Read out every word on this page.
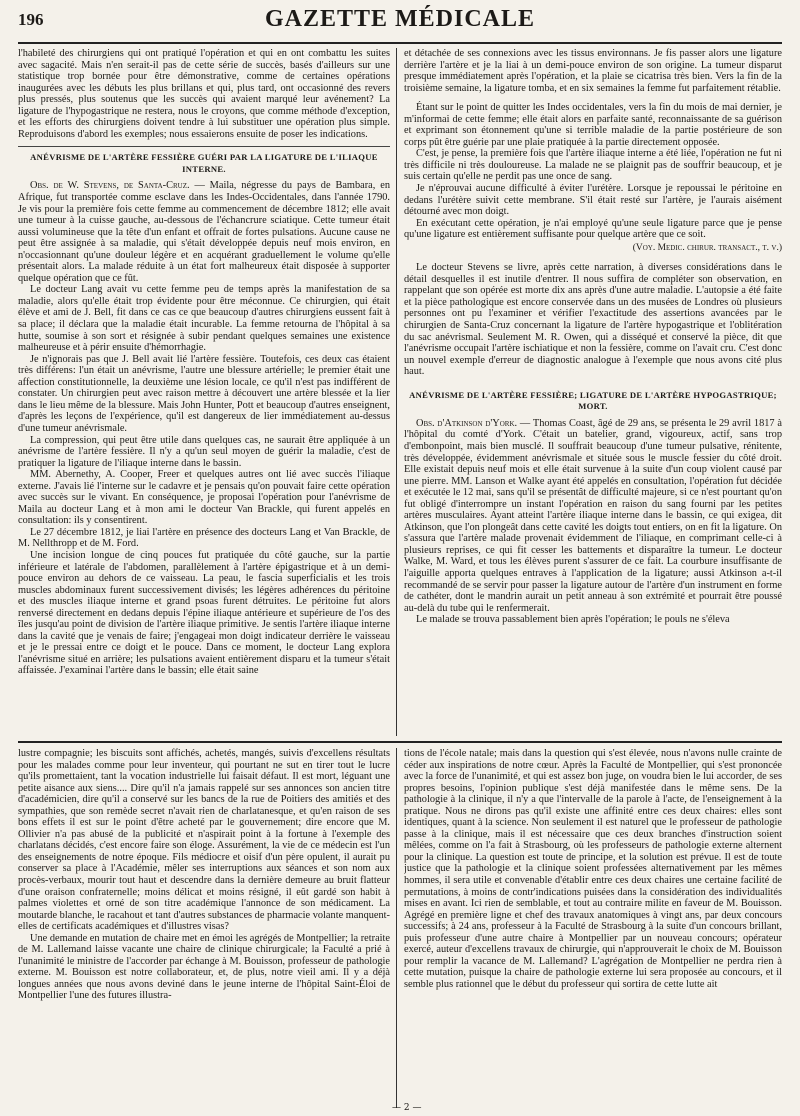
196	GAZETTE MÉDICALE

l'habileté des chirurgiens qui ont pratiqué l'opération et qui en ont combattu les suites avec sagacité. Mais n'en serait-il pas de cette série de succès, basés d'ailleurs sur une statistique trop bornée pour être démonstrative, comme de certaines opérations inaugurées avec les débuts les plus brillans et qui, plus tard, ont occasionné des revers plus pressés, plus soutenus que les succès qui avaient marqué leur avénement? La ligature de l'hypogastrique ne restera, nous le croyons, que comme méthode d'exception, et les efforts des chirurgiens doivent tendre à lui substituer une opération plus simple. Reproduisons d'abord les exemples; nous essaierons ensuite de poser les indications.

ANÉVRISME DE L'ARTÈRE FESSIÈRE GUÉRI PAR LA LIGATURE DE L'ILIAQUE INTERNE.

Obs. de W. Stevens, de Santa-Cruz. — Maila, négresse du pays de Bambara, en Afrique, fut transportée comme esclave dans les Indes-Occidentales, dans l'année 1790. Je vis pour la première fois cette femme au commencement de décembre 1812; elle avait une tumeur à la cuisse gauche, au-dessous de l'échancrure sciatique. Cette tumeur était aussi volumineuse que la tête d'un enfant et offrait de fortes pulsations. Aucune cause ne peut être assignée à sa maladie, qui s'était développée depuis neuf mois environ, en n'occasionnant qu'une douleur légère et en acquérant graduellement le volume qu'elle présentait alors. La malade réduite à un état fort malheureux était disposée à supporter quelque opération que ce fût.

Le docteur Lang avait vu cette femme peu de temps après la manifestation de sa maladie, alors qu'elle était trop évidente pour être méconnue. Ce chirurgien, qui était élève et ami de J. Bell, fit dans ce cas ce que beaucoup d'autres chirurgiens eussent fait à sa place; il déclara que la maladie était incurable. La femme retourna de l'hôpital à sa hutte, soumise à son sort et résignée à subir pendant quelques semaines une existence malheureuse et à périr ensuite d'hémorrhagie.

Je n'ignorais pas que J. Bell avait lié l'artère fessière. Toutefois, ces deux cas étaient très différens: l'un était un anévrisme, l'autre une blessure artérielle; le premier était une affection constitutionnelle, la deuxième une lésion locale, ce qu'il n'est pas indifférent de constater. Un chirurgien peut avec raison mettre à découvert une artère blessée et la lier dans le lieu même de la blessure. Mais John Hunter, Pott et beaucoup d'autres enseignent, d'après les leçons de l'expérience, qu'il est dangereux de lier immédiatement au-dessus d'une tumeur anévrismale.

La compression, qui peut être utile dans quelques cas, ne saurait être appliquée à un anévrisme de l'artère fessière. Il n'y a qu'un seul moyen de guérir la maladie, c'est de pratiquer la ligature de l'iliaque interne dans le bassin.

MM. Abernethy, A. Cooper, Freer et quelques autres ont lié avec succès l'iliaque externe. J'avais lié l'interne sur le cadavre et je pensais qu'on pouvait faire cette opération avec succès sur le vivant. En conséquence, je proposai l'opération pour l'anévrisme de Maila au docteur Lang et à mon ami le docteur Van Brackle, qui furent appelés en consultation: ils y consentirent.

Le 27 décembre 1812, je liai l'artère en présence des docteurs Lang et Van Brackle, de M. Nellthropp et de M. Ford.

Une incision longue de cinq pouces fut pratiquée du côté gauche, sur la partie inférieure et latérale de l'abdomen, parallèlement à l'artère épigastrique et à un demi-pouce environ au dehors de ce vaisseau. La peau, le fascia superficialis et les trois muscles abdominaux furent successivement divisés; les légères adhérences du péritoine et des muscles iliaque interne et grand psoas furent détruites. Le péritoine fut alors renversé directement en dedans depuis l'épine iliaque antérieure et supérieure de l'os des îles jusqu'au point de division de l'artère iliaque primitive. Je sentis l'artère iliaque interne dans la cavité que je venais de faire; j'engageai mon doigt indicateur derrière le vaisseau et je le pressai entre ce doigt et le pouce. Dans ce moment, le docteur Lang explora l'anévrisme situé en arrière; les pulsations avaient entièrement disparu et la tumeur s'était affaissée. J'examinai l'artère dans le bassin; elle était saine

et détachée de ses connexions avec les tissus environnans. Je fis passer alors une ligature derrière l'artère et je la liai à un demi-pouce environ de son origine. La tumeur disparut presque immédiatement après l'opération, et la plaie se cicatrisa très bien. Vers la fin de la troisième semaine, la ligature tomba, et en six semaines la femme fut parfaitement rétablie.

Étant sur le point de quitter les Indes occidentales, vers la fin du mois de mai dernier, je m'informai de cette femme; elle était alors en parfaite santé, reconnaissante de sa guérison et exprimant son étonnement qu'une si terrible maladie de la partie postérieure de son corps pût être guérie par une plaie pratiquée à la partie directement opposée.

C'est, je pense, la première fois que l'artère iliaque interne a été liée, l'opération ne fut ni très difficile ni très douloureuse. La malade ne se plaignit pas de souffrir beaucoup, et je suis certain qu'elle ne perdit pas une once de sang.

Je n'éprouvai aucune difficulté à éviter l'urétère. Lorsque je repoussai le péritoine en dedans l'urétère suivit cette membrane. S'il était resté sur l'artère, je l'aurais aisément détourné avec mon doigt.

En exécutant cette opération, je n'ai employé qu'une seule ligature parce que je pense qu'une ligature est entièrement suffisante pour quelque artère que ce soit.

(Voy. Medic. chirur. transact., t. v.)

Le docteur Stevens se livre, après cette narration, à diverses considérations dans le détail desquelles il est inutile d'entrer. Il nous suffira de compléter son observation, en rappelant que son opérée est morte dix ans après d'une autre maladie. L'autopsie a été faite et la pièce pathologique est encore conservée dans un des musées de Londres où plusieurs personnes ont pu l'examiner et vérifier l'exactitude des assertions avancées par le chirurgien de Santa-Cruz concernant la ligature de l'artère hypogastrique et l'oblitération du sac anévrismal. Seulement M. R. Owen, qui a disséqué et conservé la pièce, dit que l'anévrisme occupait l'artère ischiatique et non la fessière, comme on l'avait cru. C'est donc un nouvel exemple d'erreur de diagnostic analogue à l'exemple que nous avons cité plus haut.

ANÉVRISME DE L'ARTÈRE FESSIÈRE; LIGATURE DE L'ARTÈRE HYPOGASTRIQUE; MORT.

Obs. d'Atkinson d'York. — Thomas Coast, âgé de 29 ans, se présenta le 29 avril 1817 à l'hôpital du comté d'York. C'était un batelier, grand, vigoureux, actif, sans trop d'embonpoint, mais bien musclé. Il souffrait beaucoup d'une tumeur pulsative, rénitente, très développée, évidemment anévrismale et située sous le muscle fessier du côté droit. Elle existait depuis neuf mois et elle était survenue à la suite d'un coup violent causé par une pierre. MM. Lanson et Walke ayant été appelés en consultation, l'opération fut décidée et exécutée le 12 mai, sans qu'il se présentât de difficulté majeure, si ce n'est pourtant qu'on fut obligé d'interrompre un instant l'opération en raison du sang fourni par les petites artères musculaires. Ayant atteint l'artère iliaque interne dans le bassin, ce qui exigea, dit Atkinson, que l'on plongeât dans cette cavité les doigts tout entiers, on en fit la ligature. On s'assura que l'artère malade provenait évidemment de l'iliaque, en comprimant celle-ci à plusieurs reprises, ce qui fit cesser les battements et disparaître la tumeur. Le docteur Walke, M. Ward, et tous les élèves purent s'assurer de ce fait. La courbure insuffisante de l'aiguille apporta quelques entraves à l'application de la ligature; aussi Atkinson a-t-il recommandé de se servir pour passer la ligature autour de l'artère d'un instrument en forme de cathéter, dont le mandrin aurait un petit anneau à son extrémité et pourrait être poussé au-delà du tube qui le renfermerait.

Le malade se trouva passablement bien après l'opération; le pouls ne s'éleva

lustre compagnie; les biscuits sont affichés, achetés, mangés, suivis d'excellens résultats pour les malades comme pour leur inventeur, qui pourtant ne sut en tirer tout le lucre qu'ils promettaient, tant la vocation industrielle lui faisait défaut. Il est mort, léguant une petite aisance aux siens.... Dire qu'il n'a jamais rappelé sur ses annonces son ancien titre d'académicien, dire qu'il a conservé sur les bancs de la rue de Poitiers des amitiés et des sympathies, que son remède secret n'avait rien de charlatanesque, et qu'en raison de ses bons effets il est sur le point d'être acheté par le gouvernement; dire encore que M. Ollivier n'a pas abusé de la publicité et n'aspirait point à la fortune à l'exemple des charlatans décidés, c'est encore faire son éloge. Assurément, la vie de ce médecin est l'un des enseignements de notre époque. Fils médiocre et oisif d'un père opulent, il aurait pu conserver sa place à l'Académie, mêler ses interruptions aux séances et son nom aux procès-verbaux, mourir tout haut et descendre dans la dernière demeure au bruit flatteur d'une oraison confraternelle; moins délicat et moins résigné, il eût gardé son habit à palmes violettes et orné de son titre académique l'annonce de son médicament. La moutarde blanche, le racahout et tant d'autres substances de pharmacie volante manquent-elles de certificats académiques et d'illustres visas?

Une demande en mutation de chaire met en émoi les agrégés de Montpellier; la retraite de M. Lallemand laisse vacante une chaire de clinique chirurgicale; la Faculté a prié à l'unanimité le ministre de l'accorder par échange à M. Bouisson, professeur de pathologie externe. M. Bouisson est notre collaborateur, et, de plus, notre vieil ami. Il y a déjà longues années que nous avons deviné dans le jeune interne de l'hôpital Saint-Éloi de Montpellier l'une des futures illustra-

tions de l'école natale; mais dans la question qui s'est élevée, nous n'avons nulle crainte de céder aux inspirations de notre cœur. Après la Faculté de Montpellier, qui s'est prononcée avec la force de l'unanimité, et qui est assez bon juge, on voudra bien le lui accorder, de ses propres besoins, l'opinion publique s'est déjà manifestée dans le même sens. De la pathologie à la clinique, il n'y a que l'intervalle de la parole à l'acte, de l'enseignement à la pratique. Nous ne dirons pas qu'il existe une affinité entre ces deux chaires: elles sont identiques, quant à la science. Non seulement il est naturel que le professeur de pathologie passe à la clinique, mais il est nécessaire que ces deux branches d'instruction soient mêlées, comme on l'a fait à Strasbourg, où les professeurs de pathologie externe alternent pour la clinique. La question est toute de principe, et la solution est prévue. Il est de toute justice que la pathologie et la clinique soient professées alternativement par les mêmes hommes, il sera utile et convenable d'établir entre ces deux chaires une certaine facilité de permutations, à moins de contr'indications puisées dans la considération des individualités mises en avant. Ici rien de semblable, et tout au contraire milite en faveur de M. Bouisson. Agrégé en première ligne et chef des travaux anatomiques à vingt ans, par deux concours successifs; à 24 ans, professeur à la Faculté de Strasbourg à la suite d'un concours brillant, puis professeur d'une autre chaire à Montpellier par un nouveau concours; opérateur exercé, auteur d'excellens travaux de chirurgie, qui n'approuverait le choix de M. Bouisson pour remplir la vacance de M. Lallemand? L'agrégation de Montpellier ne perdra rien à cette mutation, puisque la chaire de pathologie externe lui sera proposée au concours, et il semble plus rationnel que le début du professeur qui sortira de cette lutte ait

— 2 —
